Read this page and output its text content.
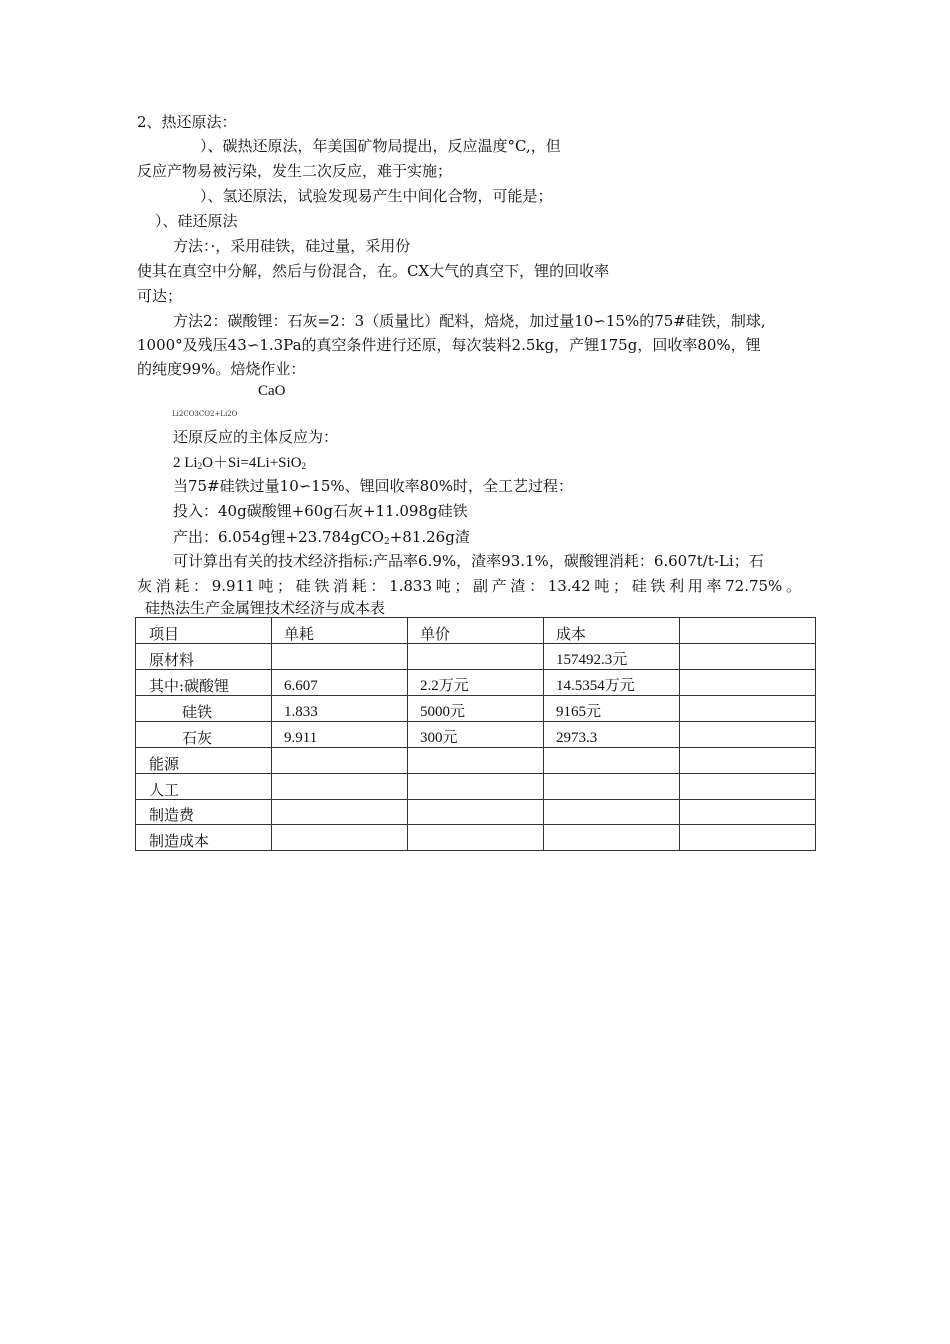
2、热还原法：
）、碳热还原法，年美国矿物局提出，反应温度°C,，但
反应产物易被污染，发生二次反应，难于实施；
）、氢还原法，试验发现易产生中间化合物，可能是；
）、硅还原法
方法：·，采用硅铁，硅过量，采用份
使其在真空中分解，然后与份混合，在。CX大气的真空下，锂的回收率
可达；
方法2：碳酸锂：石灰=2：3（质量比）配料，焙烧，加过量10∽15%的75#硅铁，制球,
1000°及残压43∽1.3Pa的真空条件进行还原，每次装料2.5kg，产锂175g，回收率80%，锂
的纯度99%。焙烧作业：
CaO
Li2CO3CO2+Li2O
还原反应的主体反应为：
2 $Li_2O+Si=4Li+SiO_2$
当75#硅铁过量10∽15%、锂回收率80%时，全工艺过程：
投入：40g碳酸锂+60g石灰+11.098g硅铁
产出：6.054g锂+23.784gCO$_2$+81.26g渣
可计算出有关的技术经济指标:产品率6.9%，渣率93.1%，碳酸锂消耗：6.607t/t-Li；石
灰消耗：9.911吨；硅铁消耗：1.833吨；副产渣：13.42吨；硅铁利用率72.75%。
硅热法生产金属锂技术经济与成本表
项目	单耗	单价	成本	
原材料			157492.3元	
其中:碳酸锂	6.607	2.2万元	14.5354万元	
硅铁	1.833	5000元	9165元	
石灰	9.911	300元	2973.3	
能源				
人工				
制造费				
制造成本				
